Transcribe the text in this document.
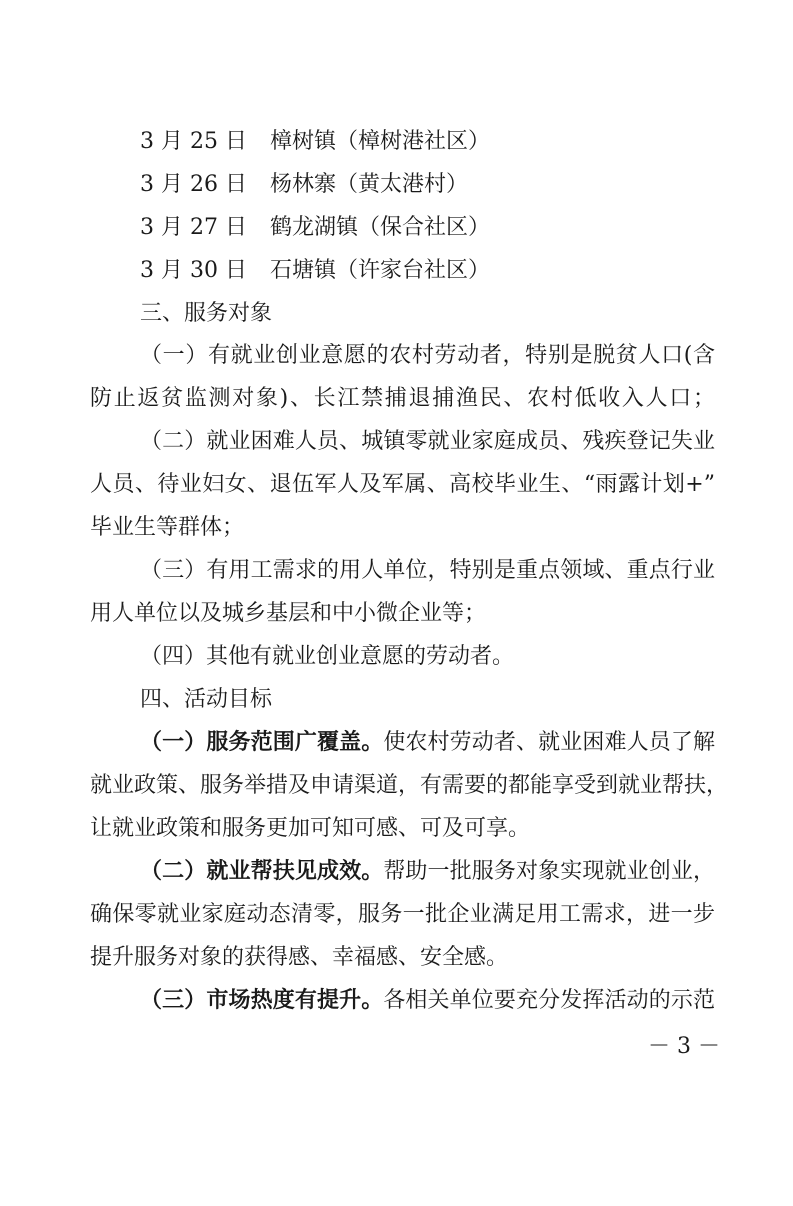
3 月 25 日 樟树镇（樟树港社区）
3 月 26 日 杨林寨（黄太港村）
3 月 27 日 鹤龙湖镇（保合社区）
3 月 30 日 石塘镇（许家台社区）
三、服务对象
（一）有就业创业意愿的农村劳动者，特别是脱贫人口(含
防止返贫监测对象)、长江禁捕退捕渔民、农村低收入人口；
（二）就业困难人员、城镇零就业家庭成员、残疾登记失业
人员、待业妇女、退伍军人及军属、高校毕业生、“雨露计划+”
毕业生等群体；
（三）有用工需求的用人单位，特别是重点领域、重点行业
用人单位以及城乡基层和中小微企业等；
（四）其他有就业创业意愿的劳动者。
四、活动目标
（一）服务范围广覆盖。使农村劳动者、就业困难人员了解
就业政策、服务举措及申请渠道，有需要的都能享受到就业帮扶，
让就业政策和服务更加可知可感、可及可享。
（二）就业帮扶见成效。帮助一批服务对象实现就业创业，
确保零就业家庭动态清零，服务一批企业满足用工需求，进一步
提升服务对象的获得感、幸福感、安全感。
（三）市场热度有提升。各相关单位要充分发挥活动的示范
－ 3 －
